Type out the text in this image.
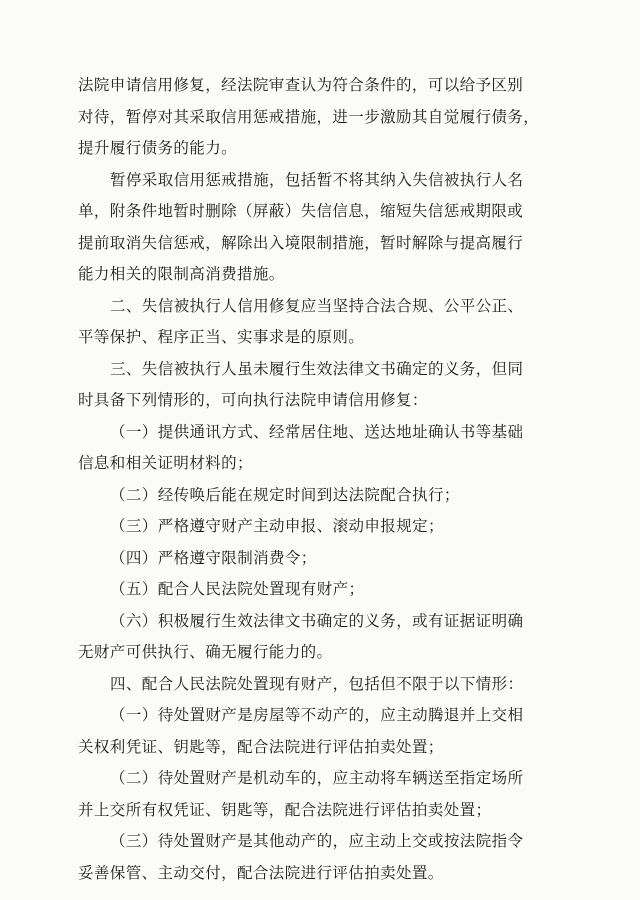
法院申请信用修复，经法院审查认为符合条件的，可以给予区别
对待，暂停对其采取信用惩戒措施，进一步激励其自觉履行债务，
提升履行债务的能力。

暂停采取信用惩戒措施，包括暂不将其纳入失信被执行人名
单，附条件地暂时删除（屏蔽）失信信息，缩短失信惩戒期限或
提前取消失信惩戒，解除出入境限制措施，暂时解除与提高履行
能力相关的限制高消费措施。

二、失信被执行人信用修复应当坚持合法合规、公平公正、
平等保护、程序正当、实事求是的原则。

三、失信被执行人虽未履行生效法律文书确定的义务，但同
时具备下列情形的，可向执行法院申请信用修复：

（一）提供通讯方式、经常居住地、送达地址确认书等基础
信息和相关证明材料的；

（二）经传唤后能在规定时间到达法院配合执行；

（三）严格遵守财产主动申报、滚动申报规定；

（四）严格遵守限制消费令；

（五）配合人民法院处置现有财产；

（六）积极履行生效法律文书确定的义务，或有证据证明确
无财产可供执行、确无履行能力的。

四、配合人民法院处置现有财产，包括但不限于以下情形：

（一）待处置财产是房屋等不动产的，应主动腾退并上交相
关权利凭证、钥匙等，配合法院进行评估拍卖处置；

（二）待处置财产是机动车的，应主动将车辆送至指定场所
并上交所有权凭证、钥匙等，配合法院进行评估拍卖处置；

（三）待处置财产是其他动产的，应主动上交或按法院指令
妥善保管、主动交付，配合法院进行评估拍卖处置。
